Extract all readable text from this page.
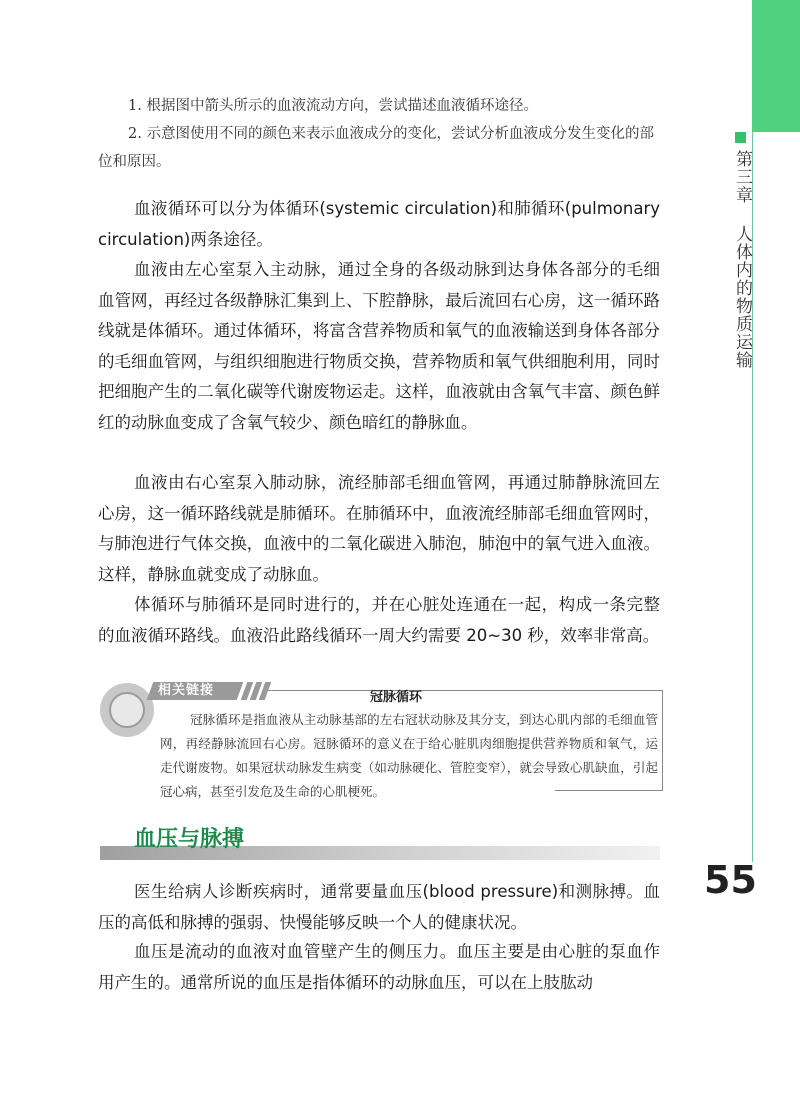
第三章 人体内的物质运输
1. 根据图中箭头所示的血液流动方向，尝试描述血液循环途径。
2. 示意图使用不同的颜色来表示血液成分的变化，尝试分析血液成分发生变化的部位和原因。
血液循环可以分为体循环(systemic circulation)和肺循环(pulmonary circulation)两条途径。
血液由左心室泵入主动脉，通过全身的各级动脉到达身体各部分的毛细血管网，再经过各级静脉汇集到上、下腔静脉，最后流回右心房，这一循环路线就是体循环。通过体循环，将富含营养物质和氧气的血液输送到身体各部分的毛细血管网，与组织细胞进行物质交换，营养物质和氧气供细胞利用，同时把细胞产生的二氧化碳等代谢废物运走。这样，血液就由含氧气丰富、颜色鲜红的动脉血变成了含氧气较少、颜色暗红的静脉血。
血液由右心室泵入肺动脉，流经肺部毛细血管网，再通过肺静脉流回左心房，这一循环路线就是肺循环。在肺循环中，血液流经肺部毛细血管网时，与肺泡进行气体交换，血液中的二氧化碳进入肺泡，肺泡中的氧气进入血液。这样，静脉血就变成了动脉血。
体循环与肺循环是同时进行的，并在心脏处连通在一起，构成一条完整的血液循环路线。血液沿此路线循环一周大约需要 20~30 秒，效率非常高。
相关链接	冠脉循环
冠脉循环是指血液从主动脉基部的左右冠状动脉及其分支，到达心肌内部的毛细血管网，再经静脉流回右心房。冠脉循环的意义在于给心脏肌肉细胞提供营养物质和氧气，运走代谢废物。如果冠状动脉发生病变（如动脉硬化、管腔变窄），就会导致心肌缺血，引起冠心病，甚至引发危及生命的心肌梗死。
血压与脉搏
医生给病人诊断疾病时，通常要量血压(blood pressure)和测脉搏。血压的高低和脉搏的强弱、快慢能够反映一个人的健康状况。
血压是流动的血液对血管壁产生的侧压力。血压主要是由心脏的泵血作用产生的。通常所说的血压是指体循环的动脉血压，可以在上肢肱动
55
